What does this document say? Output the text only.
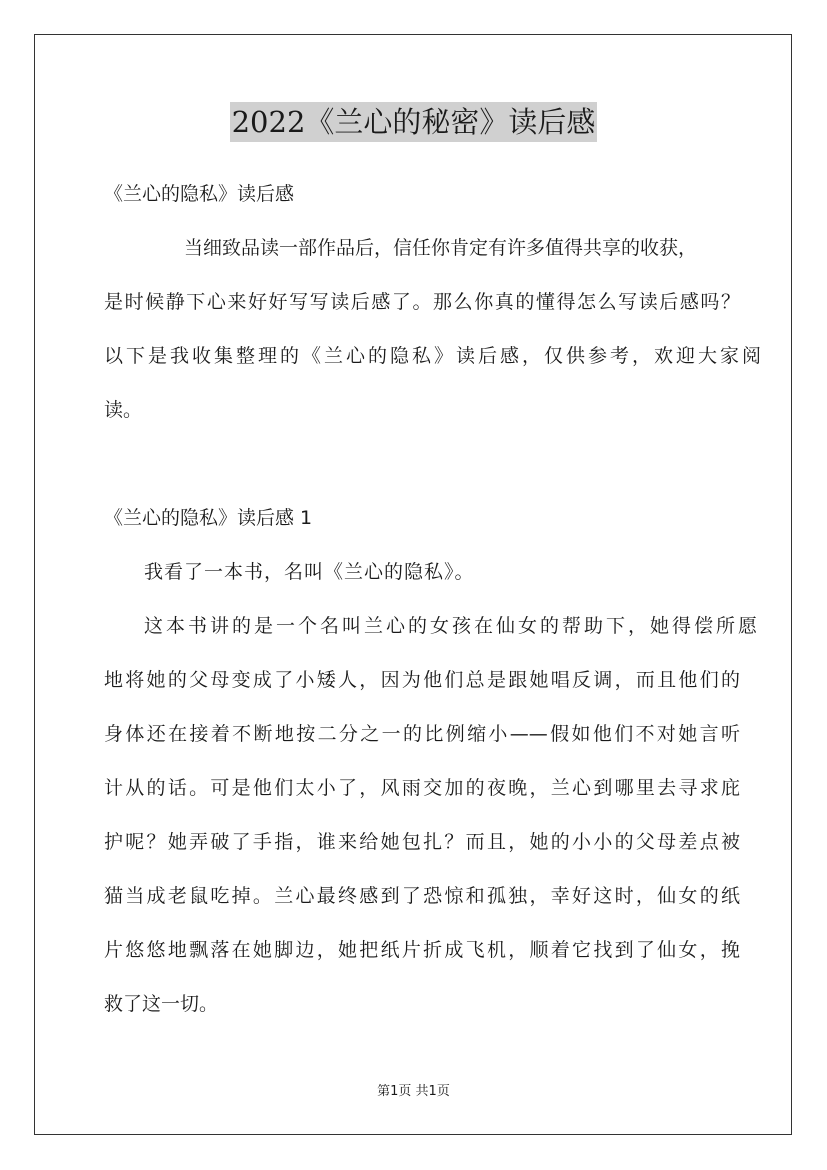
2022《兰心的秘密》读后感
《兰心的隐私》读后感
当细致品读一部作品后，信任你肯定有许多值得共享的收获，
是时候静下心来好好写写读后感了。那么你真的懂得怎么写读后感吗？
以下是我收集整理的《兰心的隐私》读后感，仅供参考，欢迎大家阅
读。
《兰心的隐私》读后感 1
我看了一本书，名叫《兰心的隐私》。
这本书讲的是一个名叫兰心的女孩在仙女的帮助下，她得偿所愿
地将她的父母变成了小矮人，因为他们总是跟她唱反调，而且他们的
身体还在接着不断地按二分之一的比例缩小——假如他们不对她言听
计从的话。可是他们太小了，风雨交加的夜晚，兰心到哪里去寻求庇
护呢？她弄破了手指，谁来给她包扎？而且，她的小小的父母差点被
猫当成老鼠吃掉。兰心最终感到了恐惊和孤独，幸好这时，仙女的纸
片悠悠地飘落在她脚边，她把纸片折成飞机，顺着它找到了仙女，挽
救了这一切。
第1页 共1页
